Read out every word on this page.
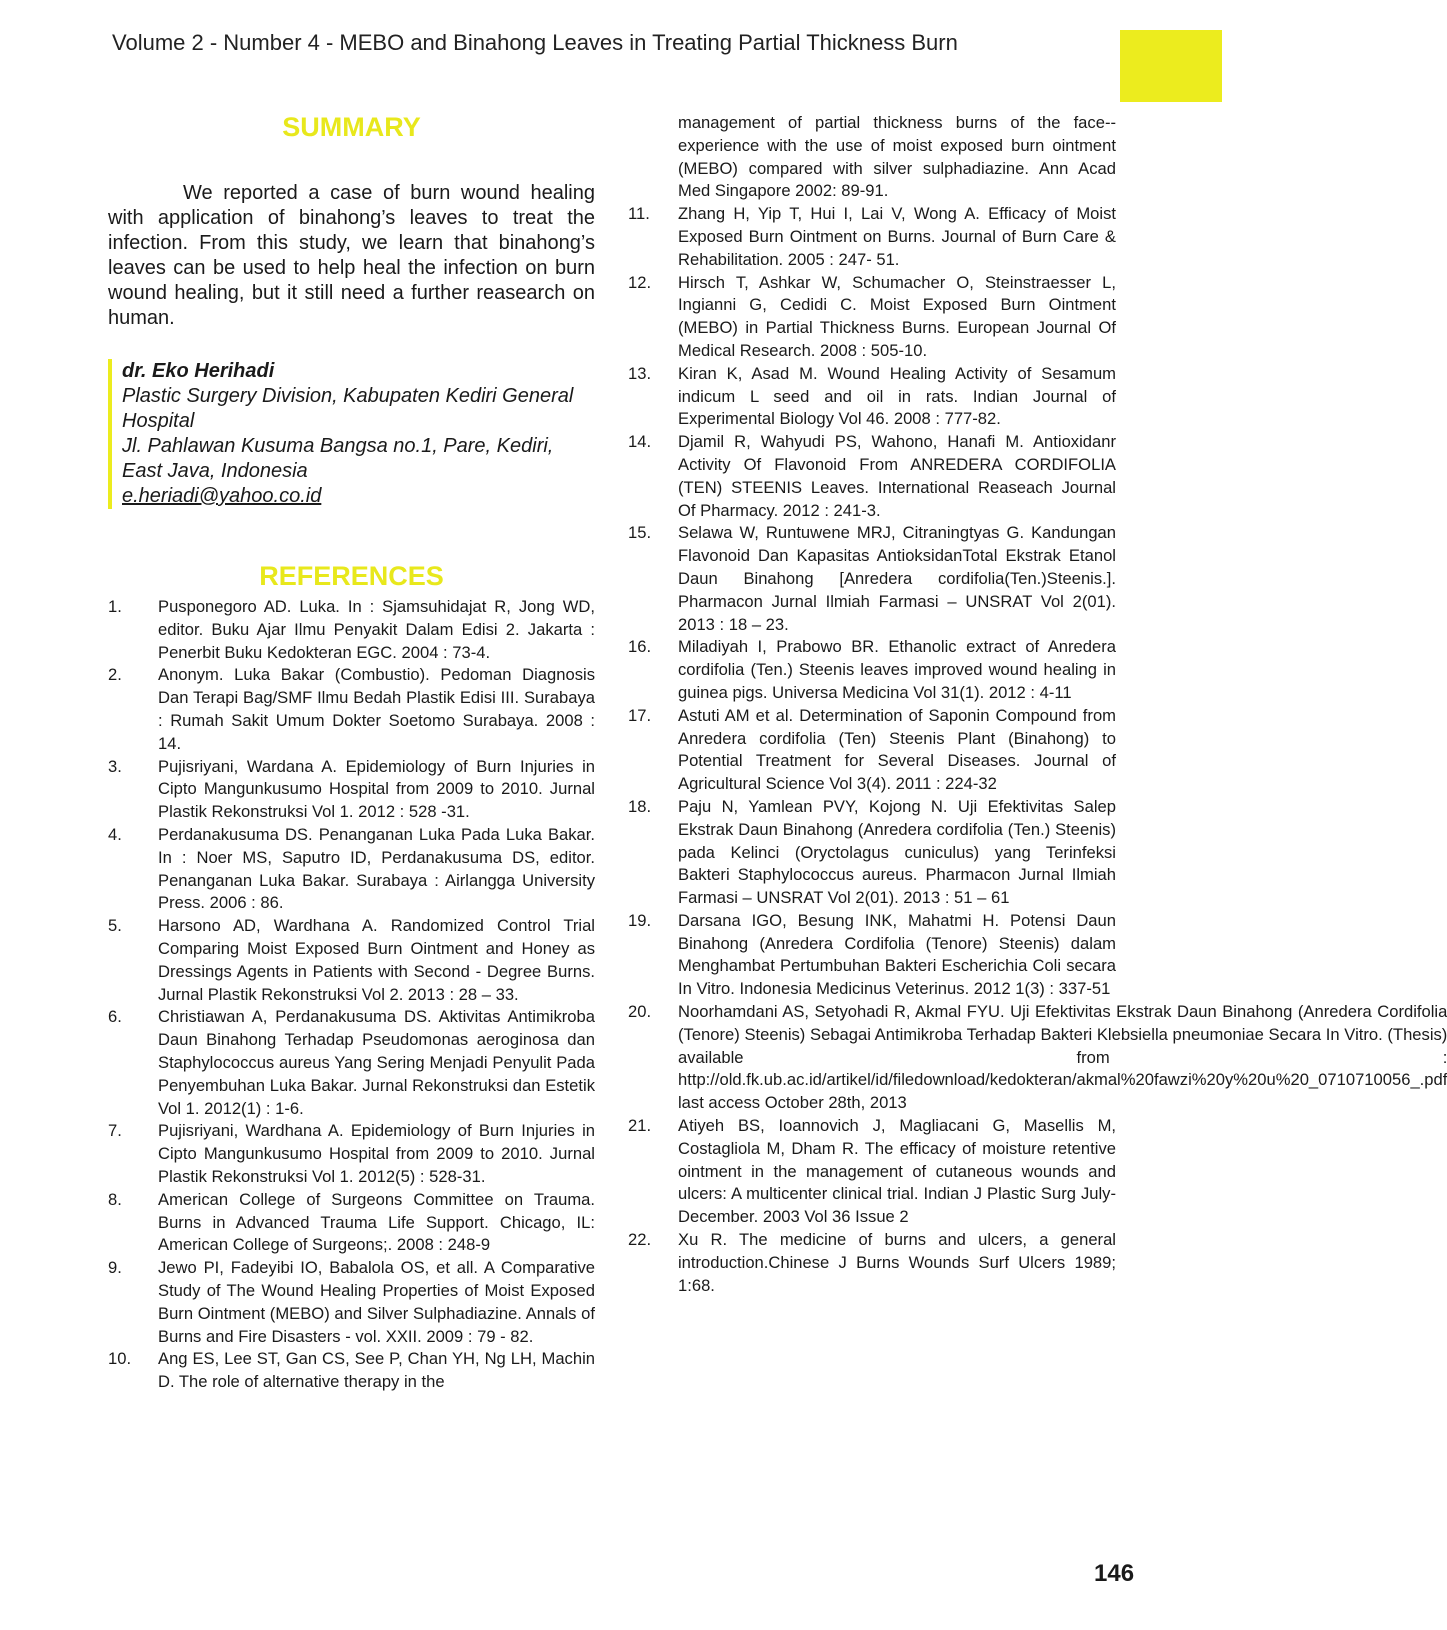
Volume 2 - Number 4 - MEBO and Binahong Leaves in Treating Partial Thickness Burn
SUMMARY

We reported a case of burn wound healing with application of binahong’s leaves to treat the infection. From this study, we learn that binahong’s leaves can be used to help heal the infection on burn wound healing, but it still need a further reasearch on human.

dr. Eko Herihadi
Plastic Surgery Division, Kabupaten Kediri General Hospital
Jl. Pahlawan Kusuma Bangsa no.1, Pare, Kediri, East Java, Indonesia
e.heriadi@yahoo.co.id
REFERENCES
1.	Pusponegoro AD. Luka. In : Sjamsuhidajat R, Jong WD, editor. Buku Ajar Ilmu Penyakit Dalam Edisi 2. Jakarta : Penerbit Buku Kedokteran EGC. 2004 : 73-4.
2.	Anonym. Luka Bakar (Combustio). Pedoman Diagnosis Dan Terapi Bag/SMF Ilmu Bedah Plastik Edisi III. Surabaya : Rumah Sakit Umum Dokter Soetomo Surabaya. 2008 : 14.
3.	Pujisriyani, Wardana A. Epidemiology of Burn Injuries in Cipto Mangunkusumo Hospital from 2009 to 2010. Jurnal Plastik Rekonstruksi Vol 1. 2012 : 528 -31.
4.	Perdanakusuma DS. Penanganan Luka Pada Luka Bakar. In : Noer MS, Saputro ID, Perdanakusuma DS, editor. Penanganan Luka Bakar. Surabaya : Airlangga University Press. 2006 : 86.
5.	Harsono AD, Wardhana A. Randomized Control Trial Comparing Moist Exposed Burn Ointment and Honey as Dressings Agents in Patients with Second - Degree Burns. Jurnal Plastik Rekonstruksi Vol 2. 2013 : 28 – 33.
6.	Christiawan A, Perdanakusuma DS. Aktivitas Antimikroba Daun Binahong Terhadap Pseudomonas aeroginosa dan Staphylococcus aureus Yang Sering Menjadi Penyulit Pada Penyembuhan Luka Bakar. Jurnal Rekonstruksi dan Estetik Vol 1. 2012(1) : 1-6.
7.	Pujisriyani, Wardhana A. Epidemiology of Burn Injuries in Cipto Mangunkusumo Hospital from 2009 to 2010. Jurnal Plastik Rekonstruksi Vol 1. 2012(5) : 528-31.
8.	American College of Surgeons Committee on Trauma. Burns in Advanced Trauma Life Support. Chicago, IL: American College of Surgeons;. 2008 : 248-9
9.	Jewo PI, Fadeyibi IO, Babalola OS, et all. A Comparative Study of The Wound Healing Properties of Moist Exposed Burn Ointment (MEBO) and Silver Sulphadiazine. Annals of Burns and Fire Disasters - vol. XXII. 2009 : 79 - 82.
10.	Ang ES, Lee ST, Gan CS, See P, Chan YH, Ng LH, Machin D. The role of alternative therapy in the
management of partial thickness burns of the face--experience with the use of moist exposed burn ointment (MEBO) compared with silver sulphadiazine. Ann Acad Med Singapore 2002: 89-91.
11.	Zhang H, Yip T, Hui I, Lai V, Wong A. Efficacy of Moist Exposed Burn Ointment on Burns. Journal of Burn Care & Rehabilitation. 2005 : 247- 51.
12.	Hirsch T, Ashkar W, Schumacher O, Steinstraesser L, Ingianni G, Cedidi C. Moist Exposed Burn Ointment (MEBO) in Partial Thickness Burns. European Journal Of Medical Research. 2008 : 505-10.
13.	Kiran K, Asad M. Wound Healing Activity of Sesamum indicum L seed and oil in rats. Indian Journal of Experimental Biology Vol 46. 2008 : 777-82.
14.	Djamil R, Wahyudi PS, Wahono, Hanafi M. Antioxidanr Activity Of Flavonoid From ANREDERA CORDIFOLIA (TEN) STEENIS Leaves. International Reaseach Journal Of Pharmacy. 2012 : 241-3.
15.	Selawa W, Runtuwene MRJ, Citraningtyas G. Kandungan Flavonoid Dan Kapasitas AntioksidanTotal Ekstrak Etanol Daun Binahong [Anredera cordifolia(Ten.)Steenis.]. Pharmacon Jurnal Ilmiah Farmasi – UNSRAT Vol 2(01). 2013 : 18 – 23.
16.	Miladiyah I, Prabowo BR. Ethanolic extract of Anredera cordifolia (Ten.) Steenis leaves improved wound healing in guinea pigs. Universa Medicina Vol 31(1). 2012 : 4-11
17.	Astuti AM et al. Determination of Saponin Compound from Anredera cordifolia (Ten) Steenis Plant (Binahong) to Potential Treatment for Several Diseases. Journal of Agricultural Science Vol 3(4). 2011 : 224-32
18.	Paju N, Yamlean PVY, Kojong N. Uji Efektivitas Salep Ekstrak Daun Binahong (Anredera cordifolia (Ten.) Steenis) pada Kelinci (Oryctolagus cuniculus) yang Terinfeksi Bakteri Staphylococcus aureus. Pharmacon Jurnal Ilmiah Farmasi – UNSRAT Vol 2(01). 2013 : 51 – 61
19.	Darsana IGO, Besung INK, Mahatmi H. Potensi Daun Binahong (Anredera Cordifolia (Tenore) Steenis) dalam Menghambat Pertumbuhan Bakteri Escherichia Coli secara In Vitro. Indonesia Medicinus Veterinus. 2012 1(3) : 337-51
20.	Noorhamdani AS, Setyohadi R, Akmal FYU. Uji Efektivitas Ekstrak Daun Binahong (Anredera Cordifolia (Tenore) Steenis) Sebagai Antimikroba Terhadap Bakteri Klebsiella pneumoniae Secara In Vitro. (Thesis) available from : http://old.fk.ub.ac.id/artikel/id/filedownload/kedokteran/akmal%20fawzi%20y%20u%20_0710710056_.pdf last access October 28th, 2013
21.	Atiyeh BS, Ioannovich J, Magliacani G, Masellis M, Costagliola M, Dham R. The efficacy of moisture retentive ointment in the management of cutaneous wounds and ulcers: A multicenter clinical trial. Indian J Plastic Surg July-December. 2003 Vol 36 Issue 2
22.	Xu R. The medicine of burns and ulcers, a general introduction.Chinese J Burns Wounds Surf Ulcers 1989; 1:68.
146
